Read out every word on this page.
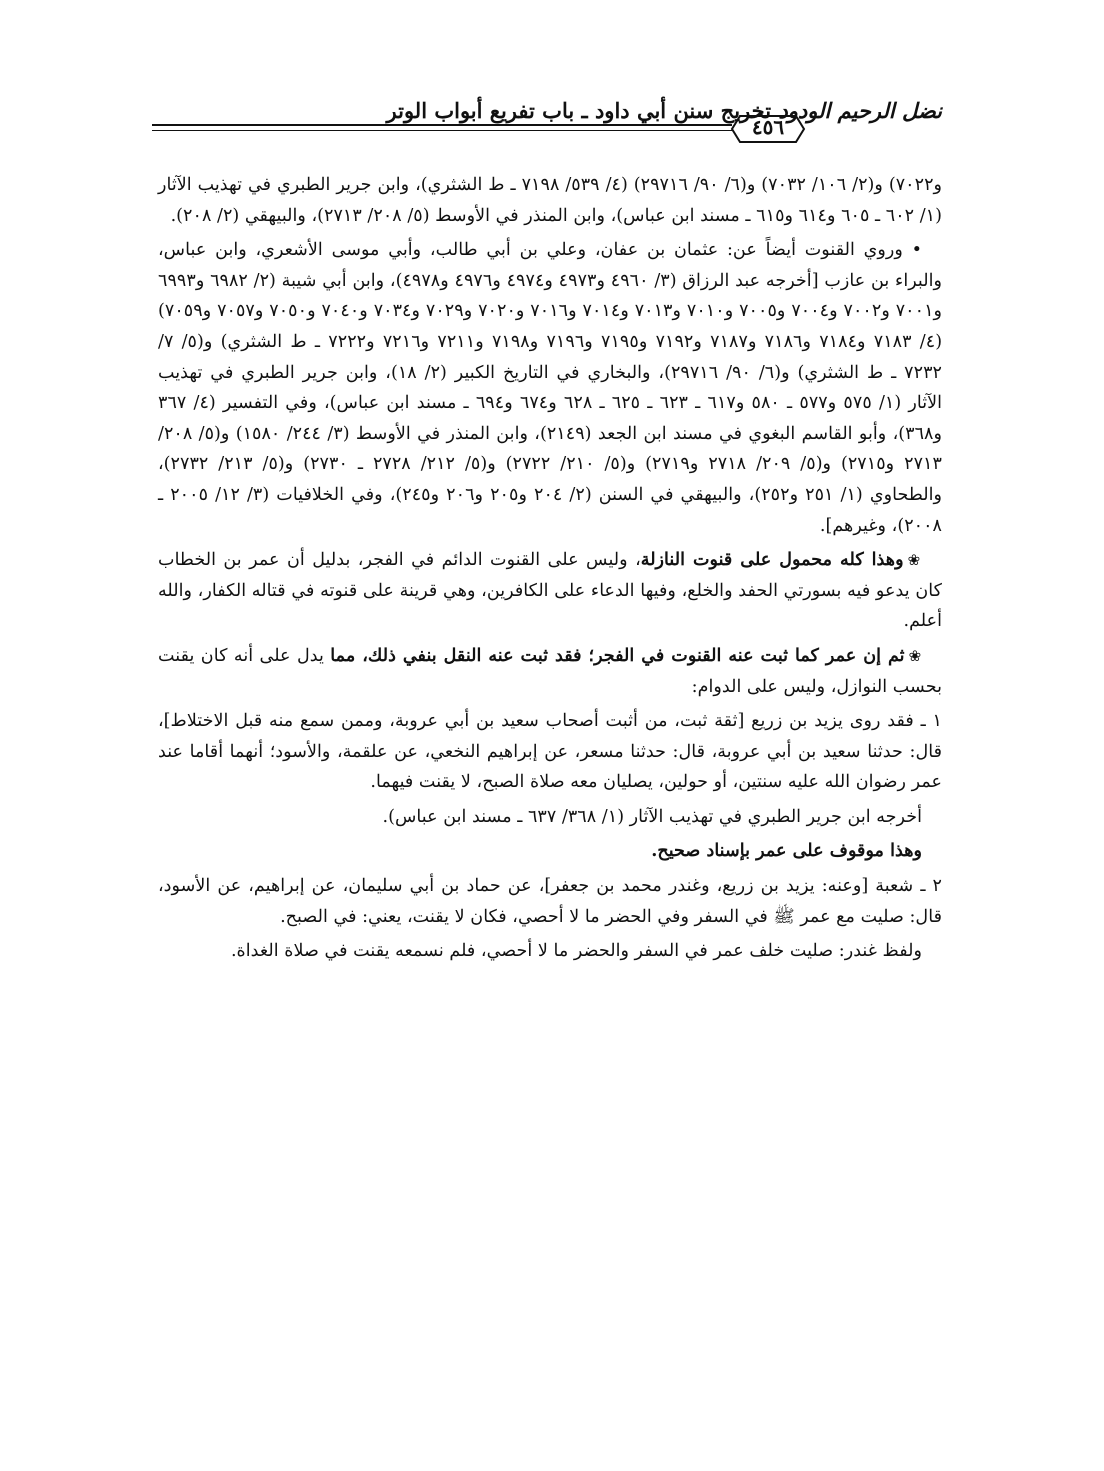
نضل الرحيم الودود تخريج سنن أبي داود ـ باب تفريع أبواب الوتر
٤٥٦

و٧٠٢٢) و(٢/ ١٠٦/ ٧٠٣٢) و(٦/ ٩٠/ ٢٩٧١٦) (٤/ ٥٣٩/ ٧١٩٨ ـ ط الشثري)، وابن جرير الطبري في تهذيب الآثار (١/ ٦٠٢ ـ ٦٠٥ و٦١٤ و٦١٥ ـ مسند ابن عباس)، وابن المنذر في الأوسط (٥/ ٢٠٨/ ٢٧١٣)، والبيهقي (٢/ ٢٠٨).

• وروي القنوت أيضاً عن: عثمان بن عفان، وعلي بن أبي طالب، وأبي موسى الأشعري، وابن عباس، والبراء بن عازب [أخرجه عبد الرزاق (٣/ ٤٩٦٠ و٤٩٧٣ و٤٩٧٤ و٤٩٧٦ و٤٩٧٨)، وابن أبي شيبة (٢/ ٦٩٨٢ و٦٩٩٣ و٧٠٠١ و٧٠٠٢ و٧٠٠٤ و٧٠٠٥ و٧٠١٠ و٧٠١٣ و٧٠١٤ و٧٠١٦ و٧٠٢٠ و٧٠٢٩ و٧٠٣٤ و٧٠٤٠ و٧٠٥٠ و٧٠٥٧ و٧٠٥٩) (٤/ ٧١٨٣ و٧١٨٤ و٧١٨٦ و٧١٨٧ و٧١٩٢ و٧١٩٥ و٧١٩٦ و٧١٩٨ و٧٢١١ و٧٢١٦ و٧٢٢٢ ـ ط الشثري) و(٥/ ٧/ ٧٢٣٢ ـ ط الشثري) و(٦/ ٩٠/ ٢٩٧١٦)، والبخاري في التاريخ الكبير (٢/ ١٨)، وابن جرير الطبري في تهذيب الآثار (١/ ٥٧٥ و٥٧٧ ـ ٥٨٠ و٦١٧ ـ ٦٢٣ ـ ٦٢٥ ـ ٦٢٨ و٦٧٤ و٦٩٤ ـ مسند ابن عباس)، وفي التفسير (٤/ ٣٦٧ و٣٦٨)، وأبو القاسم البغوي في مسند ابن الجعد (٢١٤٩)، وابن المنذر في الأوسط (٣/ ٢٤٤/ ١٥٨٠) و(٥/ ٢٠٨/ ٢٧١٣ و٢٧١٥) و(٥/ ٢٠٩/ ٢٧١٨ و٢٧١٩) و(٥/ ٢١٠/ ٢٧٢٢) و(٥/ ٢١٢/ ٢٧٢٨ ـ ٢٧٣٠) و(٥/ ٢١٣/ ٢٧٣٢)، والطحاوي (١/ ٢٥١ و٢٥٢)، والبيهقي في السنن (٢/ ٢٠٤ و٢٠٥ و٢٠٦ و٢٤٥)، وفي الخلافيات (٣/ ١٢/ ٢٠٠٥ ـ ٢٠٠٨)، وغيرهم].

❀وهذا كله محمول على قنوت النازلة، وليس على القنوت الدائم في الفجر، بدليل أن عمر بن الخطاب كان يدعو فيه بسورتي الحفد والخلع، وفيها الدعاء على الكافرين، وهي قرينة على قنوته في قتاله الكفار، والله أعلم.

❀ثم إن عمر كما ثبت عنه القنوت في الفجر؛ فقد ثبت عنه النقل بنفي ذلك، مما يدل على أنه كان يقنت بحسب النوازل، وليس على الدوام:

١ ـ فقد روى يزيد بن زريع [ثقة ثبت، من أثبت أصحاب سعيد بن أبي عروبة، وممن سمع منه قبل الاختلاط]، قال: حدثنا سعيد بن أبي عروبة، قال: حدثنا مسعر، عن إبراهيم النخعي، عن علقمة، والأسود؛ أنهما أقاما عند عمر رضوان الله عليه سنتين، أو حولين، يصليان معه صلاة الصبح، لا يقنت فيهما.

أخرجه ابن جرير الطبري في تهذيب الآثار (١/ ٣٦٨/ ٦٣٧ ـ مسند ابن عباس).

وهذا موقوف على عمر بإسناد صحيح.

٢ ـ شعبة [وعنه: يزيد بن زريع، وغندر محمد بن جعفر]، عن حماد بن أبي سليمان، عن إبراهيم، عن الأسود، قال: صليت مع عمر ﷺ في السفر وفي الحضر ما لا أحصي، فكان لا يقنت، يعني: في الصبح.

ولفظ غندر: صليت خلف عمر في السفر والحضر ما لا أحصي، فلم نسمعه يقنت في صلاة الغداة.
